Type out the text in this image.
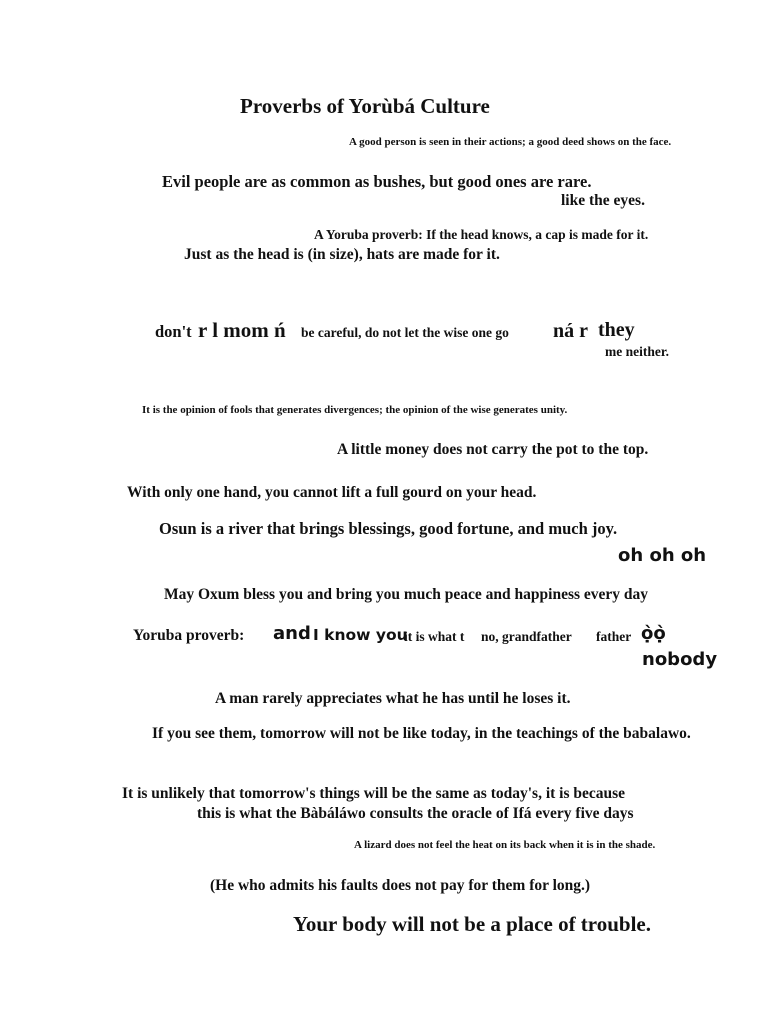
Proverbs of Yorùbá Culture
A good person is seen in their actions; a good deed shows on the face.
Evil people are as common as bushes, but good ones are rare.
like the eyes.
A Yoruba proverb: If the head knows, a cap is made for it.
Just as the head is (in size), hats are made for it.
don't r l mom ń be careful, do not let the wise one go ná r they
me neither.
It is the opinion of fools that generates divergences; the opinion of the wise generates unity.
A little money does not carry the pot to the top.
With only one hand, you cannot lift a full gourd on your head.
Osun is a river that brings blessings, good fortune, and much joy.
oh oh oh
May Oxum bless you and bring you much peace and happiness every day
Yoruba proverb: and I know you
it is what t no, grandfather father ọ̀ọ̀
nobody
A man rarely appreciates what he has until he loses it.
If you see them, tomorrow will not be like today, in the teachings of the babalawo.
It is unlikely that tomorrow's things will be the same as today's, it is because
this is what the Bàbáláwo consults the oracle of Ifá every five days
A lizard does not feel the heat on its back when it is in the shade.
(He who admits his faults does not pay for them for long.)
Your body will not be a place of trouble.
